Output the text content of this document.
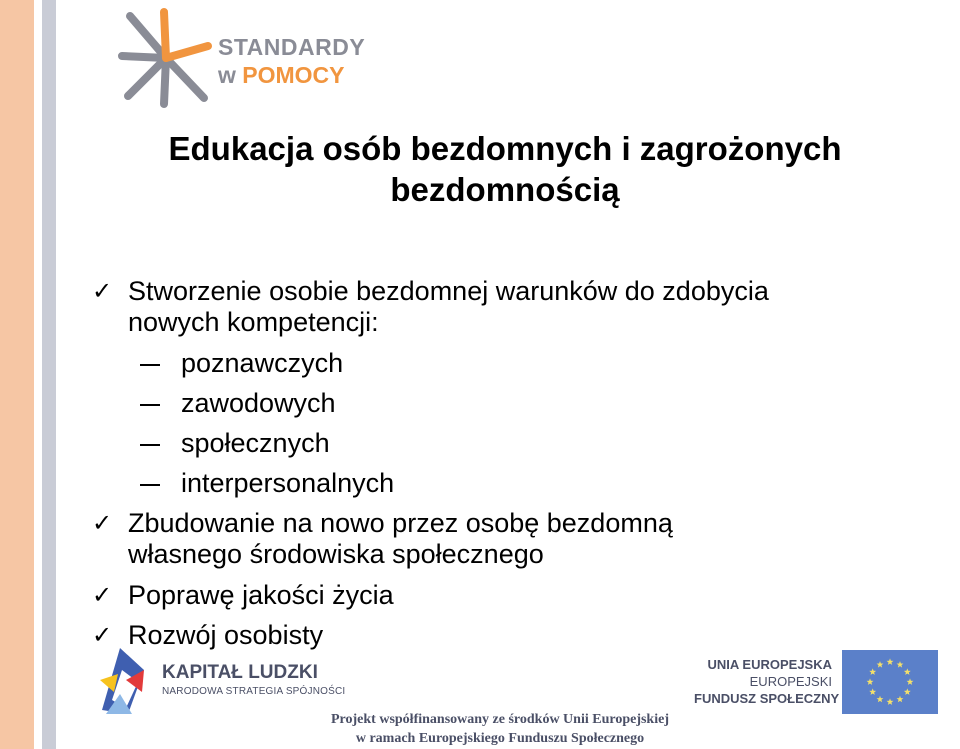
STANDARDY
w POMOCY
Edukacja osób bezdomnych i zagrożonych
bezdomnością
✓ Stworzenie osobie bezdomnej warunków do zdobycia
nowych kompetencji:
poznawczych
zawodowych
społecznych
interpersonalnych
✓ Zbudowanie na nowo przez osobę bezdomną
własnego środowiska społecznego
✓ Poprawę jakości życia
✓ Rozwój osobisty
KAPITAŁ LUDZKI
NARODOWA STRATEGIA SPÓJNOŚCI
UNIA EUROPEJSKA
EUROPEJSKI
FUNDUSZ SPOŁECZNY
Projekt współfinansowany ze środków Unii Europejskiej
w ramach Europejskiego Funduszu Społecznego
